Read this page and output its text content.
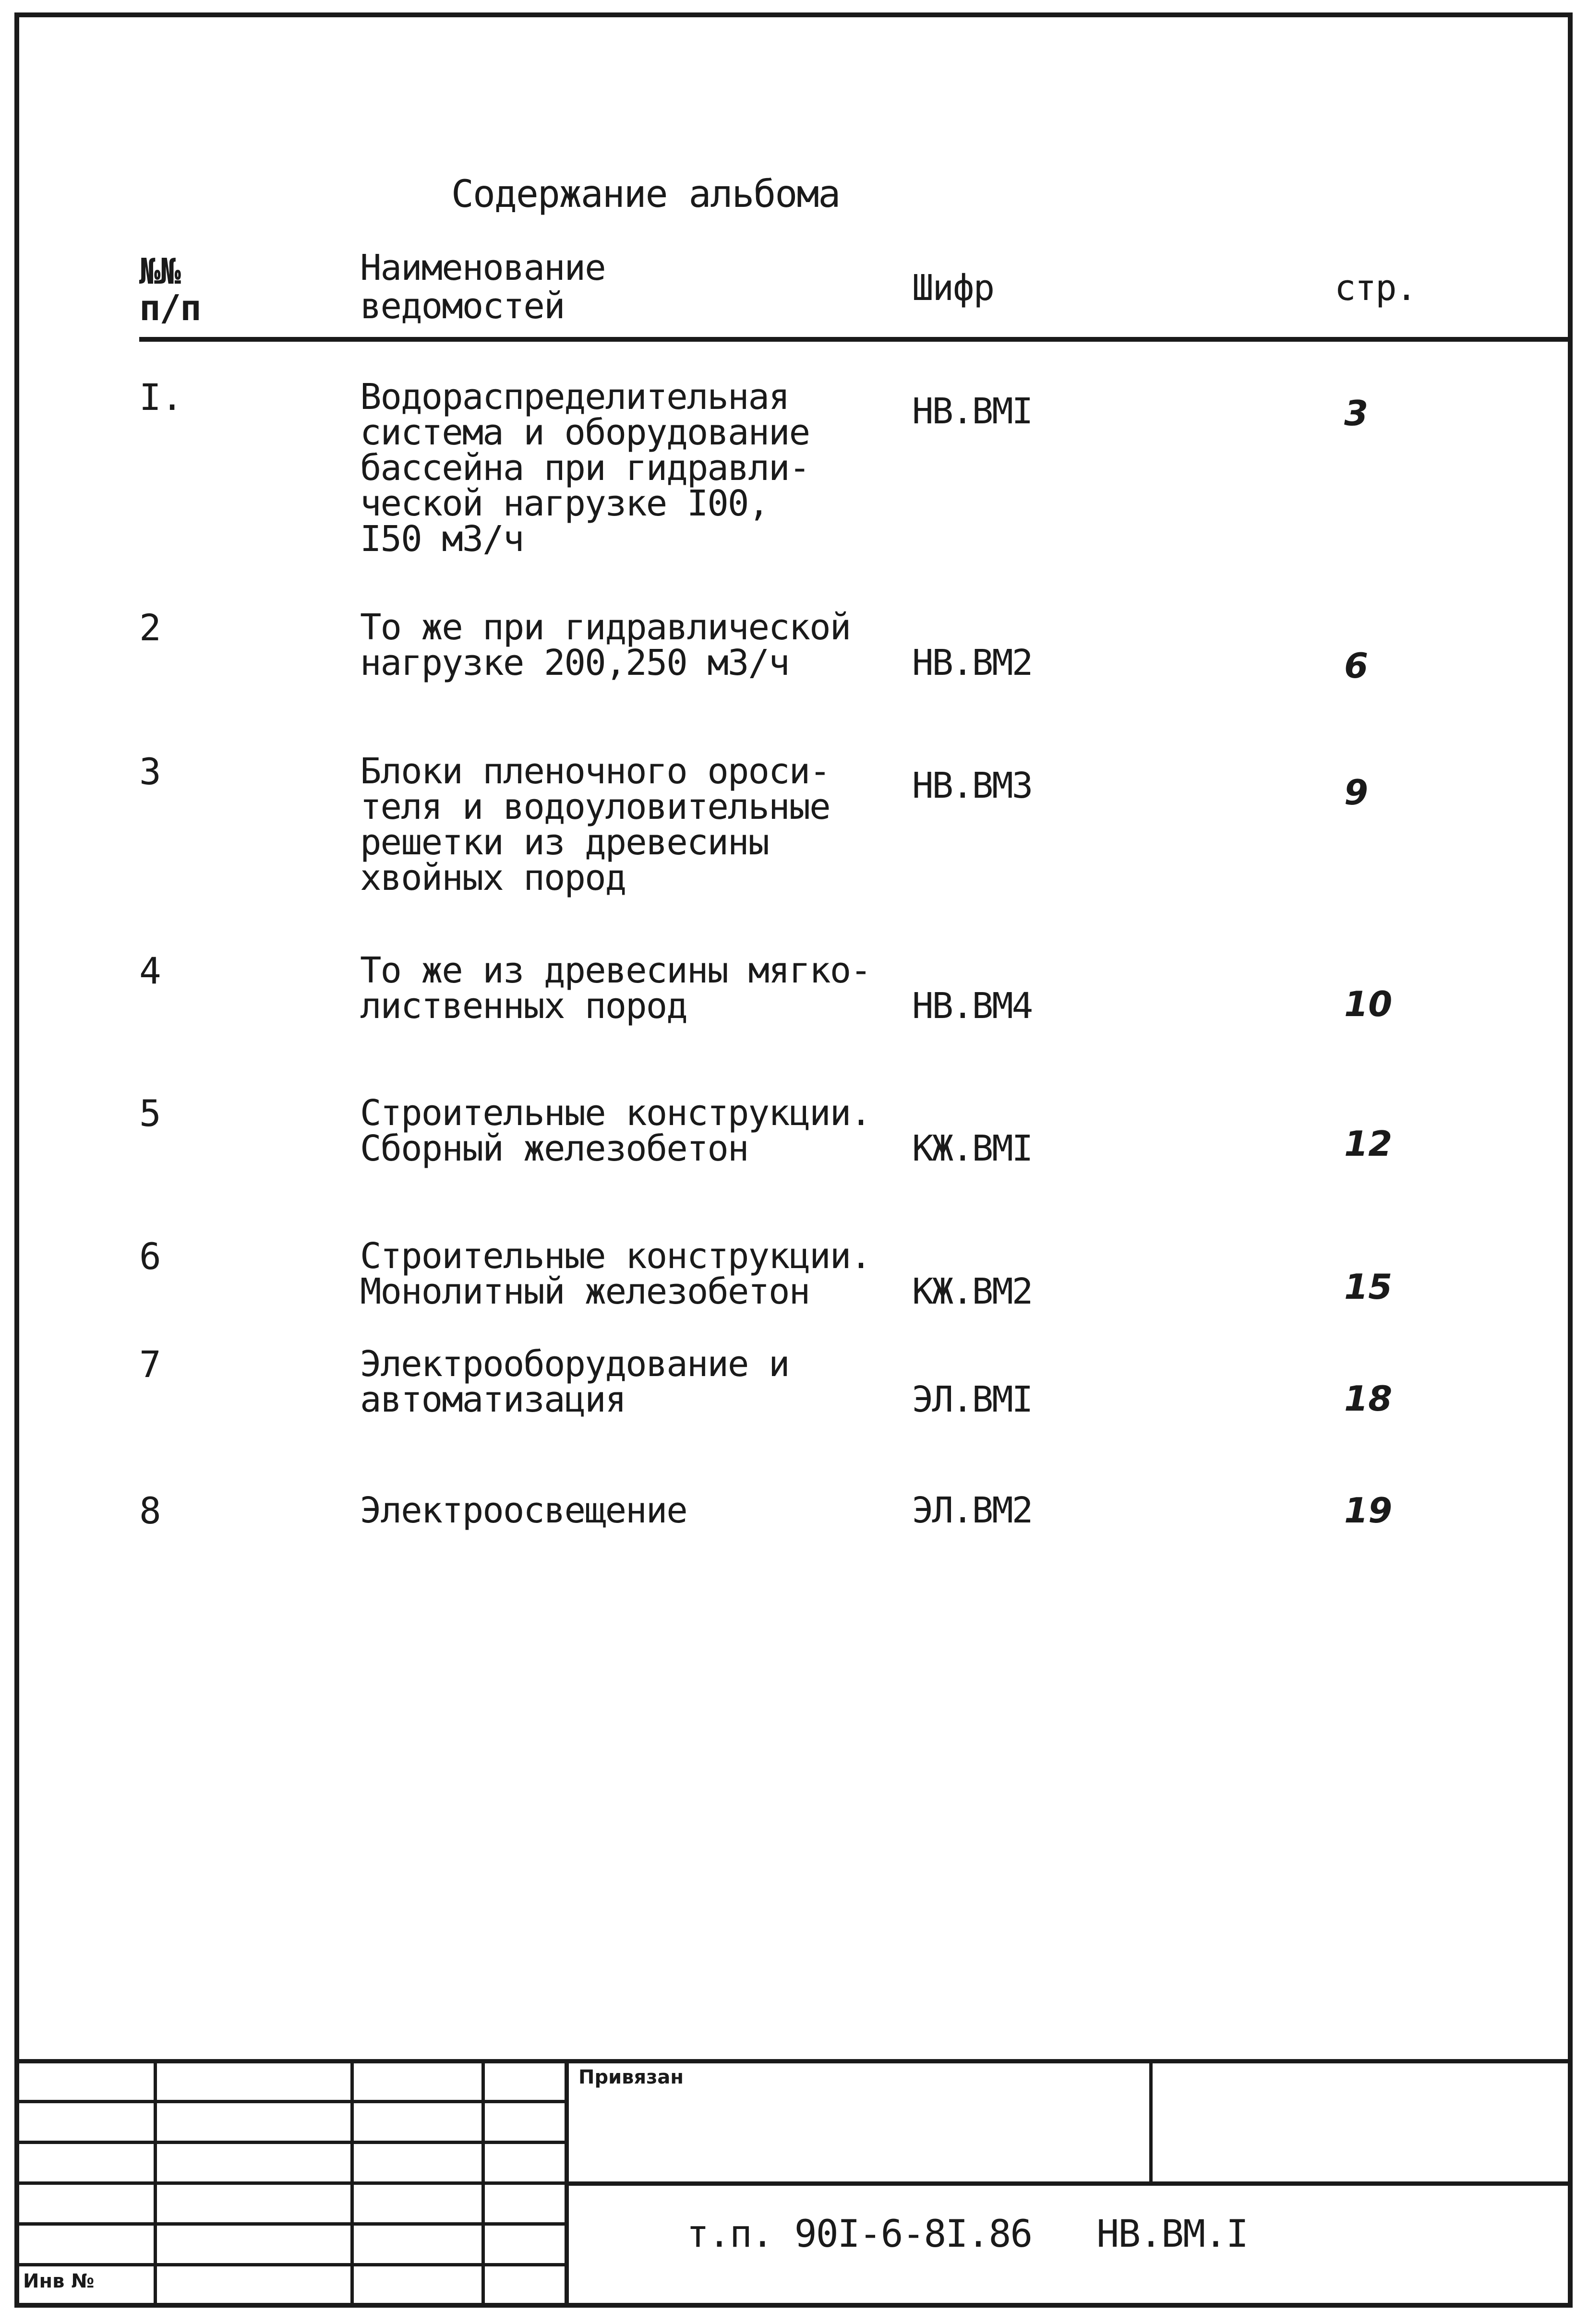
Содержание альбома
№№
п/п
Наименование
ведомостей	Шифр	стр.
I.	Водораспределительная
система и оборудование
бассейна при гидравли-
ческой нагрузке I00,
I50 м3/ч
НВ.ВМI	3
2	То же при гидравлической
нагрузке 200,250 м3/ч	НВ.ВМ2	6
3	Блоки пленочного ороси-
теля и водоуловительные
решетки из древесины
хвойных пород
НВ.ВМ3	9
4	То же из древесины мягко-
лиственных пород	НВ.ВМ4	10
5	Строительные конструкции.
Сборный железобетон	КЖ.ВМI	12
6	Строительные конструкции.
Монолитный железобетон	КЖ.ВМ2	15
7	Электрооборудование и
автоматизация	ЭЛ.ВМI	18
8	Электроосвещение	ЭЛ.ВМ2	19
Привязан
Инв №
т.п. 90I-6-8I.86   НВ.ВМ.I
